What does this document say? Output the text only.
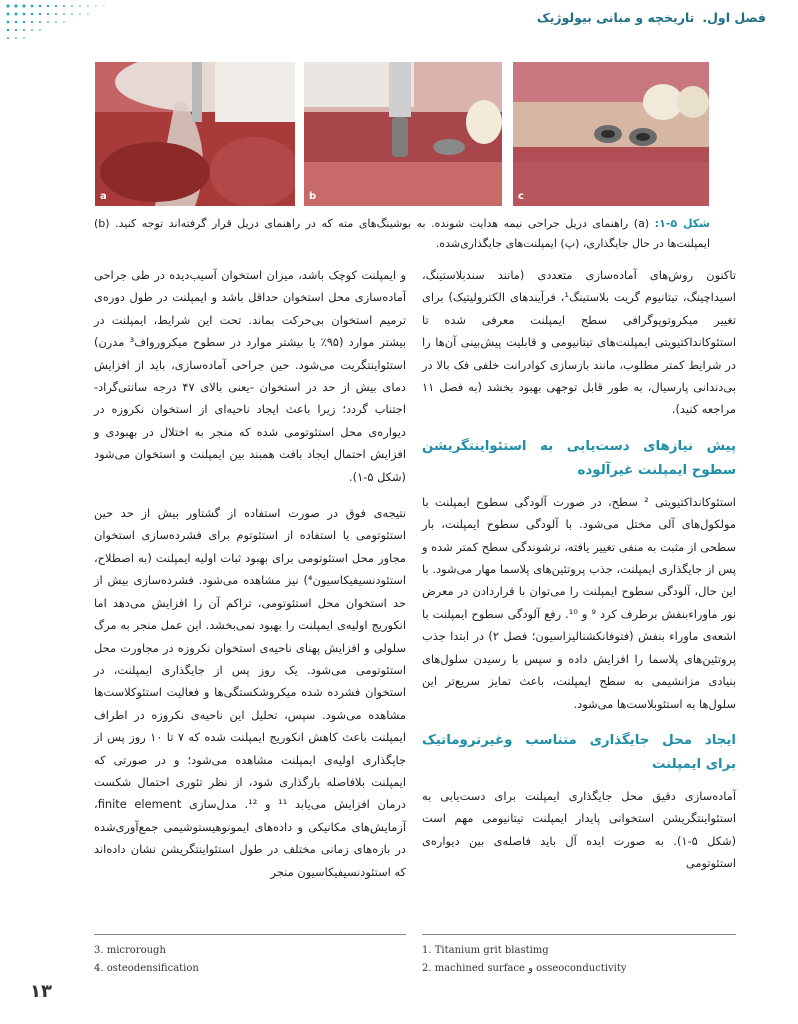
فصل اول. تاریخچه و مبانی بیولوژیک
a	b	c
شکل ۵-۱: (a) راهنمای دریل جراحی نیمه هدایت شونده. به بوشینگ‌های مته که در راهنمای دریل قرار گرفته‌اند توجه کنید. (b) ایمپلنت‌ها در حال جایگذاری، (پ) ایمپلنت‌های جایگذاری‌شده.

تاکنون روش‌های آماده‌سازی متعددی (مانند سندبلاستینگ، اسیداچینگ، تیتانیوم گریت بلاستینگ¹، فرآیندهای الکترولیتیک) برای تغییر میکروتوپوگرافی سطح ایمپلنت معرفی شده تا استئوکانداکتیویتی ایمپلنت‌های تیتانیومی و قابلیت پیش‌بینی آن‌ها را در شرایط کمتر مطلوب، مانند بازسازی کوادرانت خلفی فک بالا در بی‌دندانی پارسیال، به طور قابل توجهی بهبود بخشد (به فصل ۱۱ مراجعه کنید).

پیش نیازهای دست‌یابی به استئواینتگریشن سطوح ایمپلنت غیرآلوده

استئوکانداکتیویتی ² سطح، در صورت آلودگی سطوح ایمپلنت با مولکول‌های آلی مختل می‌شود. با آلودگی سطوح ایمپلنت، بار سطحی از مثبت به منفی تغییر یافته، ترشوندگی سطح کمتر شده و پس از جایگذاری ایمپلنت، جذب پروتئین‌های پلاسما مهار می‌شود. با این حال، آلودگی سطوح ایمپلنت را می‌توان با قراردادن در معرض نور ماوراءبنفش برطرف کرد ⁹ و ¹⁰. رفع آلودگی سطوح ایمپلنت با اشعه‌ی ماوراء بنفش (فتوفانکشنالیزاسیون؛ فصل ۲) در ابتدا جذب پروتئین‌های پلاسما را افزایش داده و سپس با رسیدن سلول‌های بنیادی مزانشیمی به سطح ایمپلنت، باعث تمایز سریع‌تر این سلول‌ها به استئوبلاست‌ها می‌شود.

ایجاد محل جایگذاری متناسب وغیرتروماتیک برای ایمپلنت

آماده‌سازی دقیق محل جایگذاری ایمپلنت برای دست‌یابی به استئواینتگریشن استخوانی پایدار ایمپلنت تیتانیومی مهم است (شکل ۵-۱). به صورت ایده آل باید فاصله‌ی بین دیواره‌ی استئوتومی

و ایمپلنت کوچک باشد، میزان استخوان آسیب‌دیده در طی جراحی آماده‌سازی محل استخوان حداقل باشد و ایمپلنت در طول دوره‌ی ترمیم استخوان بی‌حرکت بماند. تحت این شرایط، ایمپلنت در بیشتر موارد (۹۵٪ یا بیشتر موارد در سطوح میکرورواف³ مدرن) استئواینتگریت می‌شود. حین جراحی آماده‌سازی، باید از افزایش دمای بیش از حد در استخوان -یعنی بالای ۴۷ درجه سانتی‌گراد- اجتناب گردد؛ زیرا باعث ایجاد ناحیه‌ای از استخوان نکروزه در دیواره‌ی محل استئوتومی شده که منجر به اختلال در بهبودی و افزایش احتمال ایجاد بافت همبند بین ایمپلنت و استخوان می‌شود (شکل ۵-۱).

نتیجه‌ی فوق در صورت استفاده از گشتاور بیش از حد حین استئوتومی یا استفاده از استئوتوم برای فشرده‌سازی استخوان مجاور محل استئوتومی برای بهبود ثبات اولیه ایمپلنت (به اصطلاح، استئودنسیفیکاسیون⁴) نیز مشاهده می‌شود. فشرده‌سازی بیش از حد استخوان محل استئوتومی، تراکم آن را افزایش می‌دهد اما انکوریج اولیه‌ی ایمپلنت را بهبود نمی‌بخشد. این عمل منجر به مرگ سلولی و افزایش پهنای ناحیه‌ی استخوان نکروزه در مجاورت محل استئوتومی می‌شود. یک روز پس از جایگذاری ایمپلنت، در استخوان فشرده شده میکروشکستگی‌ها و فعالیت استئوکلاست‌ها مشاهده می‌شود. سپس، تحلیل این ناحیه‌ی نکروزه در اطراف ایمپلنت باعث کاهش انکوریج ایمپلنت شده که ۷ تا ۱۰ روز پس از جایگذاری اولیه‌ی ایمپلنت مشاهده می‌شود؛ و در صورتی که ایمپلنت بلافاصله بارگذاری شود، از نظر تئوری احتمال شکست درمان افزایش می‌یابد ¹¹ و ¹². مدل‌سازی finite element، آزمایش‌های مکانیکی و داده‌های ایمونوهیستوشیمی جمع‌آوری‌شده در بازه‌های زمانی مختلف در طول استئواینتگریشن نشان داده‌اند که استئودنسیفیکاسیون منجر

3. microrough
4. osteodensification
1. Titanium grit blastimg
2. machined surface و osseoconductivity
۱۳
